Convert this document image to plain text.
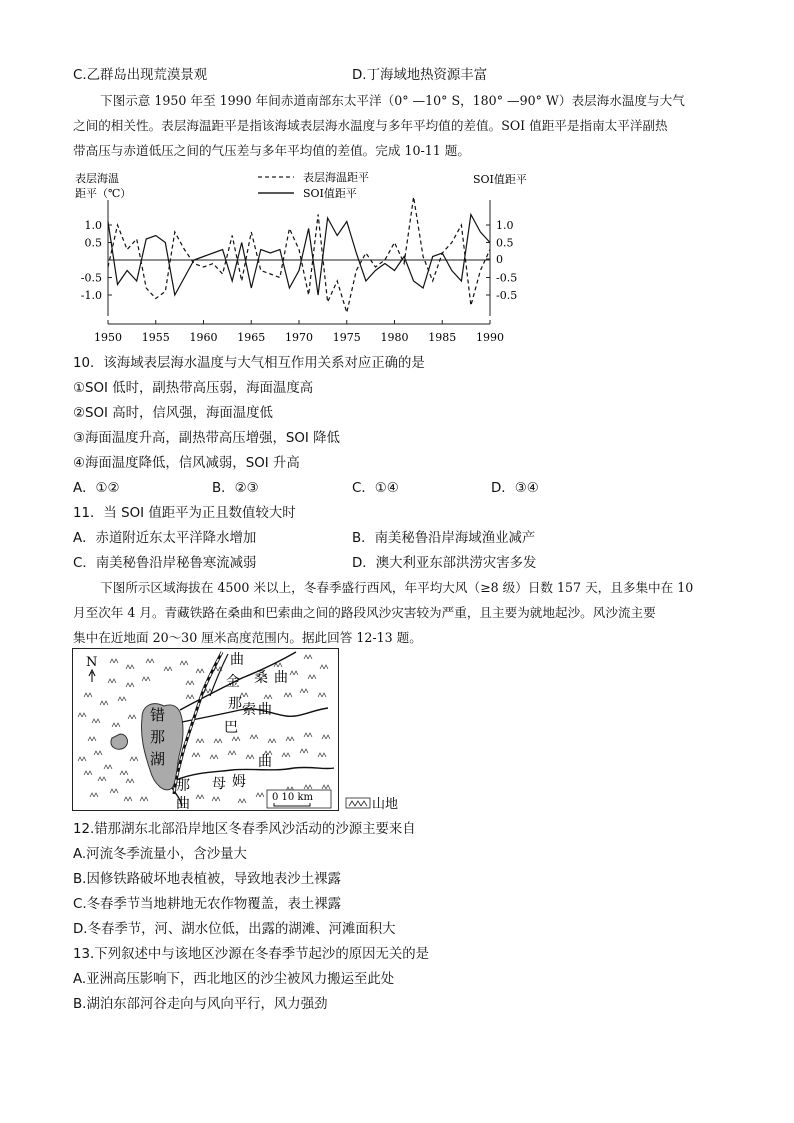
C.乙群岛出现荒漠景观	D.丁海域地热资源丰富
下图示意 1950 年至 1990 年间赤道南部东太平洋（0° —10° S，180° —90° W）表层海水温度与大气
之间的相关性。表层海温距平是指该海域表层海水温度与多年平均值的差值。SOI 值距平是指南太平洋副热
带高压与赤道低压之间的气压差与多年平均值的差值。完成 10-11 题。
表层海温
距平（℃）
表层海温距平
SOI值距平
SOI值距平
1950 1955 1960 1965 1970 1975 1980 1985 1990
1.0
0.5
-0.5
-1.0
1.0
0.5
0
-0.5
-0.5
10．该海域表层海水温度与大气相互作用关系对应正确的是
①SOI 低时，副热带高压弱，海面温度高
②SOI 高时，信风强，海面温度低
③海面温度升高，副热带高压增强，SOI 降低
④海面温度降低，信风减弱，SOI 升高
A．①②	B．②③	C．①④	D．③④
11．当 SOI 值距平为正且数值较大时
A．赤道附近东太平洋降水增加	B．南美秘鲁沿岸海域渔业减产
C．南美秘鲁沿岸秘鲁寒流减弱	D．澳大利亚东部洪涝灾害多发
下图所示区域海拔在 4500 米以上，冬春季盛行西风，年平均大风（≥8 级）日数 157 天，且多集中在 10
月至次年 4 月。青藏铁路在桑曲和巴索曲之间的路段风沙灾害较为严重，且主要为就地起沙。风沙流主要
集中在近地面 20～30 厘米高度范围内。据此回答 12-13 题。
N
错
那
湖
曲
金 桑 曲
那
巴
索 曲
母 姆
曲
那
曲	0 10 km	山地
12.错那湖东北部沿岸地区冬春季风沙活动的沙源主要来自
A.河流冬季流量小，含沙量大
B.因修铁路破坏地表植被，导致地表沙土裸露
C.冬春季节当地耕地无农作物覆盖，表土裸露
D.冬春季节，河、湖水位低，出露的湖滩、河滩面积大
13.下列叙述中与该地区沙源在冬春季节起沙的原因无关的是
A.亚洲高压影响下，西北地区的沙尘被风力搬运至此处
B.湖泊东部河谷走向与风向平行，风力强劲
